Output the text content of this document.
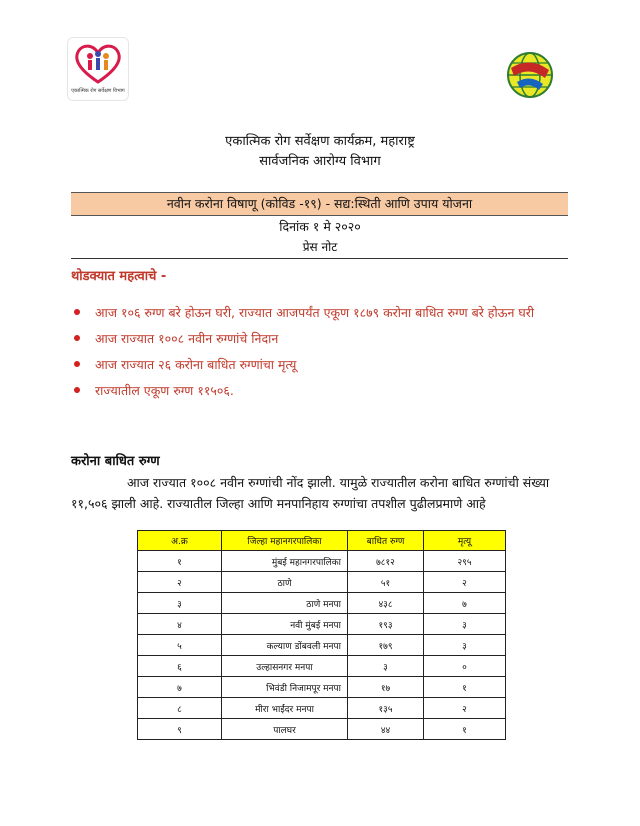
एकात्मिक रोग सर्वेक्षण विभाग
एकात्मिक रोग सर्वेक्षण कार्यक्रम, महाराष्ट्र
सार्वजनिक आरोग्य विभाग
नवीन करोना विषाणू (कोविड -१९) - सद्य:स्थिती आणि उपाय योजना
दिनांक १ मे २०२०
प्रेस नोट
थोडक्यात महत्वाचे -
आज १०६ रुग्ण बरे होऊन घरी, राज्यात आजपर्यंत एकूण १८७९ करोना बाधित रुग्ण बरे होऊन घरी
आज राज्यात १००८ नवीन रुग्णांचे निदान
आज राज्यात २६ करोना बाधित रुग्णांचा मृत्यू
राज्यातील एकूण रुग्ण ११५०६.
करोना बाधित रुग्ण
आज राज्यात १००८ नवीन रुग्णांची नोंद झाली. यामुळे राज्यातील करोना बाधित रुग्णांची संख्या ११,५०६ झाली आहे. राज्यातील जिल्हा आणि मनपानिहाय रुग्णांचा तपशील पुढीलप्रमाणे आहे
अ.क्र	जिल्हा महानगरपालिका	बाधित रुग्ण	मृत्यू
१	मुंबई महानगरपालिका	७८१२	२९५
२	ठाणे	५१	२
३	ठाणे मनपा	४३८	७
४	नवी मुंबई मनपा	१९३	३
५	कल्याण डोंबवली मनपा	१७९	३
६	उल्हासनगर मनपा	३	०
७	भिवंडी निजामपूर मनपा	१७	१
८	मीरा भाईंदर मनपा	१३५	२
९	पालघर	४४	१
